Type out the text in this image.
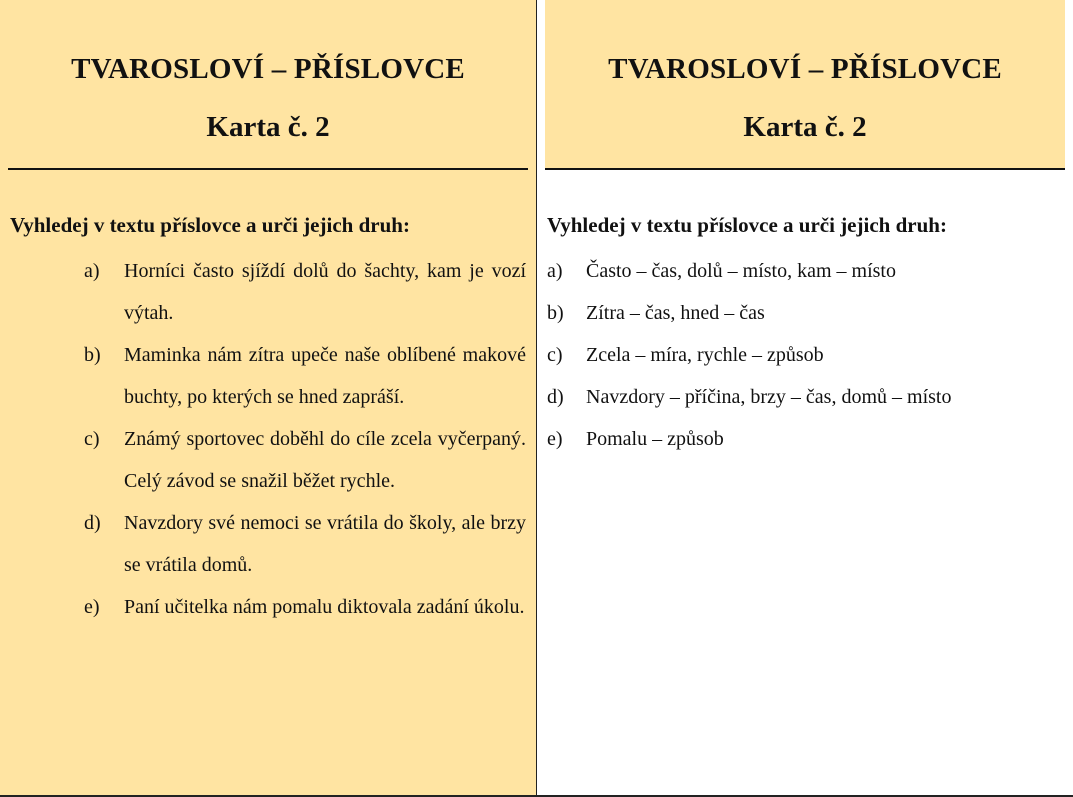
TVAROSLOVÍ – PŘÍSLOVCE
Karta č. 2
Vyhledej v textu příslovce a urči jejich druh:
a)	Horníci často sjíždí dolů do šachty, kam je vozí výtah.
b)	Maminka nám zítra upeče naše oblíbené makové buchty, po kterých se hned zapráší.
c)	Známý sportovec doběhl do cíle zcela vyčerpaný. Celý závod se snažil běžet rychle.
d)	Navzdory své nemoci se vrátila do školy, ale brzy se vrátila domů.
e)	Paní učitelka nám pomalu diktovala zadání úkolu.
TVAROSLOVÍ – PŘÍSLOVCE
Karta č. 2
Vyhledej v textu příslovce a urči jejich druh:
a)	Často – čas, dolů – místo, kam – místo
b)	Zítra – čas, hned – čas
c)	Zcela – míra, rychle – způsob
d)	Navzdory – příčina, brzy – čas, domů – místo
e)	Pomalu – způsob
